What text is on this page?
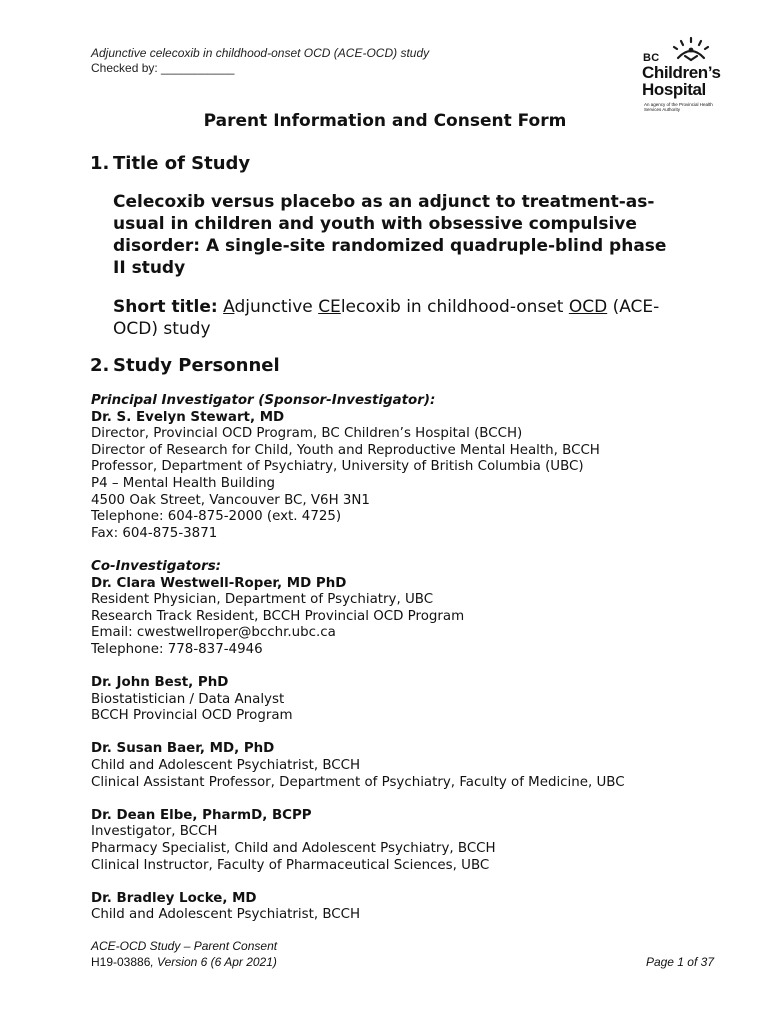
Adjunctive celecoxib in childhood-onset OCD (ACE-OCD) study
Checked by: ___________
BC
Children’s
Hospital
An agency of the Provincial Health Services Authority
Parent Information and Consent Form
1. Title of Study
Celecoxib versus placebo as an adjunct to treatment-as-usual in children and youth with obsessive compulsive disorder: A single-site randomized quadruple-blind phase II study
Short title: Adjunctive CElecoxib in childhood-onset OCD (ACE-OCD) study
2. Study Personnel
Principal Investigator (Sponsor-Investigator):
Dr. S. Evelyn Stewart, MD
Director, Provincial OCD Program, BC Children’s Hospital (BCCH)
Director of Research for Child, Youth and Reproductive Mental Health, BCCH
Professor, Department of Psychiatry, University of British Columbia (UBC)
P4 – Mental Health Building
4500 Oak Street, Vancouver BC, V6H 3N1
Telephone: 604-875-2000 (ext. 4725)
Fax: 604-875-3871
Co-Investigators:
Dr. Clara Westwell-Roper, MD PhD
Resident Physician, Department of Psychiatry, UBC
Research Track Resident, BCCH Provincial OCD Program
Email: cwestwellroper@bcchr.ubc.ca
Telephone: 778-837-4946
Dr. John Best, PhD
Biostatistician / Data Analyst
BCCH Provincial OCD Program
Dr. Susan Baer, MD, PhD
Child and Adolescent Psychiatrist, BCCH
Clinical Assistant Professor, Department of Psychiatry, Faculty of Medicine, UBC
Dr. Dean Elbe, PharmD, BCPP
Investigator, BCCH
Pharmacy Specialist, Child and Adolescent Psychiatry, BCCH
Clinical Instructor, Faculty of Pharmaceutical Sciences, UBC
Dr. Bradley Locke, MD
Child and Adolescent Psychiatrist, BCCH
ACE-OCD Study – Parent Consent
H19-03886, Version 6 (6 Apr 2021)	Page 1 of 37
